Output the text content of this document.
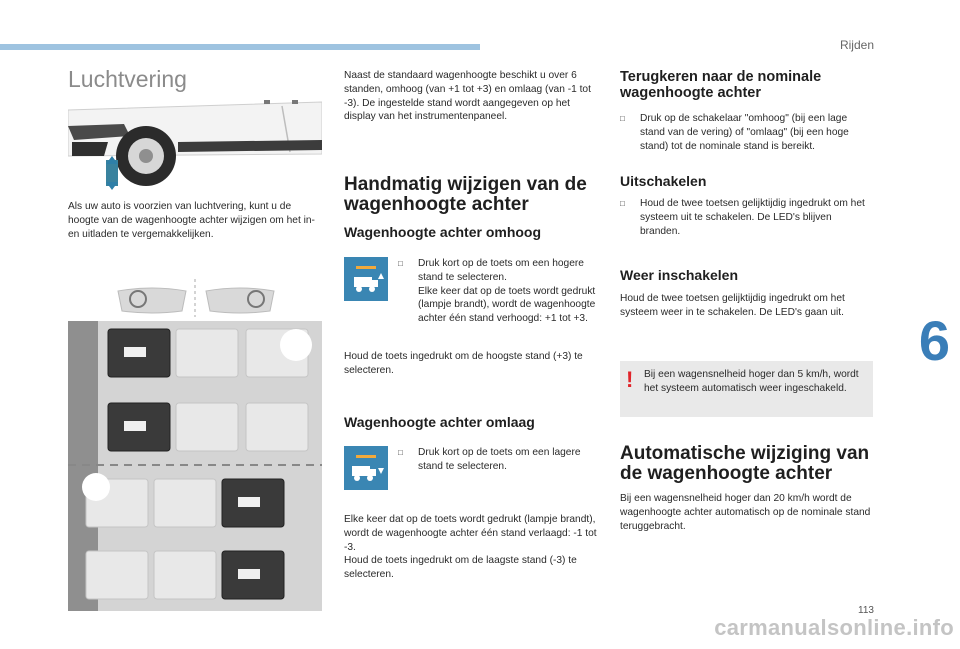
Rijden
6
113
carmanualsonline.info
Luchtvering

Als uw auto is voorzien van luchtvering, kunt u de hoogte van de wagenhoogte achter wijzigen om het in- en uitladen te vergemakkelijken.

Naast de standaard wagenhoogte beschikt u over 6 standen, omhoog (van +1 tot +3) en omlaag (van -1 tot -3). De ingestelde stand wordt aangegeven op het display van het instrumentenpaneel.

Handmatig wijzigen van de wagenhoogte achter
Wagenhoogte achter omhoog

□ Druk kort op de toets om een hogere stand te selecteren.

Elke keer dat op de toets wordt gedrukt (lampje brandt), wordt de wagenhoogte achter één stand verhoogd: +1 tot +3.

Houd de toets ingedrukt om de hoogste stand (+3) te selecteren.

Wagenhoogte achter omlaag

□ Druk kort op de toets om een lagere stand te selecteren.

Elke keer dat op de toets wordt gedrukt (lampje brandt), wordt de wagenhoogte achter één stand verlaagd: -1 tot -3.

Houd de toets ingedrukt om de laagste stand (-3) te selecteren.

Terugkeren naar de nominale wagenhoogte achter

□ Druk op de schakelaar "omhoog" (bij een lage stand van de vering) of "omlaag" (bij een hoge stand) tot de nominale stand is bereikt.

Uitschakelen

□ Houd de twee toetsen gelijktijdig ingedrukt om het systeem uit te schakelen. De LED's blijven branden.

Weer inschakelen

Houd de twee toetsen gelijktijdig ingedrukt om het systeem weer in te schakelen. De LED's gaan uit.

! Bij een wagensnelheid hoger dan 5 km/h, wordt het systeem automatisch weer ingeschakeld.

Automatische wijziging van de wagenhoogte achter

Bij een wagensnelheid hoger dan 20 km/h wordt de wagenhoogte achter automatisch op de nominale stand teruggebracht.
